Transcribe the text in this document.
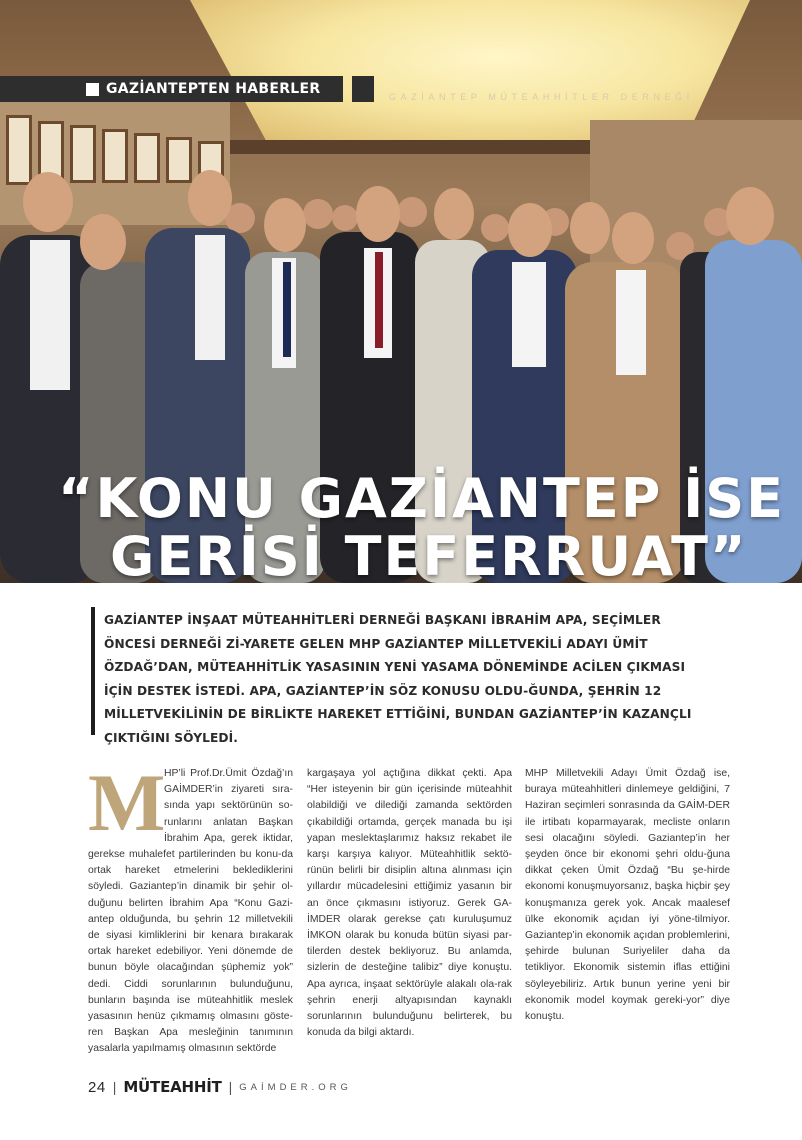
GAZİANTEPTEN HABERLER	GAZİANTEP MÜTEAHHİTLER DERNEĞİ
“KONU GAZİANTEP İSE

GERİSİ TEFERRUAT”

GAZİANTEP İNŞAAT MÜTEAHHİTLERİ DERNEĞİ BAŞKANI İBRAHİM APA, SEÇİMLER ÖNCESİ DERNEĞİ Zİ-YARETE GELEN MHP GAZİANTEP MİLLETVEKİLİ ADAYI ÜMİT ÖZDAĞ’DAN, MÜTEAHHİTLİK YASASININ YENİ YASAMA DÖNEMİNDE ACİLEN ÇIKMASI İÇİN DESTEK İSTEDİ. APA, GAZİANTEP’İN SÖZ KONUSU OLDU-ĞUNDA, ŞEHRİN 12 MİLLETVEKİLİNİN DE BİRLİKTE HAREKET ETTİĞİNİ, BUNDAN GAZİANTEP’İN KAZANÇLI ÇIKTIĞINI SÖYLEDİ.

M
HP’li Prof.Dr.Ümit Özdağ’ın GAİMDER’in ziyareti sıra-sında yapı sektörünün so-runlarını anlatan Başkan İbrahim Apa, gerek iktidar, gerekse muhalefet partilerinden bu konu-da ortak hareket etmelerini beklediklerini söyledi. Gaziantep’in dinamik bir şehir ol-duğunu belirten İbrahim Apa “Konu Gazi-antep olduğunda, bu şehrin 12 milletvekili de siyasi kimliklerini bir kenara bırakarak ortak hareket edebiliyor. Yeni dönemde de bunun böyle olacağından şüphemiz yok” dedi. Ciddi sorunlarının bulunduğunu, bunların başında ise müteahhitlik meslek yasasının henüz çıkmamış olmasını göste-ren Başkan Apa mesleğinin tanımının yasalarla yapılmamış olmasının sektörde
kargaşaya yol açtığına dikkat çekti. Apa “Her isteyenin bir gün içerisinde müteahhit olabildiği ve dilediği zamanda sektörden çıkabildiği ortamda, gerçek manada bu işi yapan meslektaşlarımız haksız rekabet ile karşı karşıya kalıyor. Müteahhitlik sektö-rünün belirli bir disiplin altına alınması için yıllardır mücadelesini ettiğimiz yasanın bir an önce çıkmasını istiyoruz. Gerek GA-İMDER olarak gerekse çatı kuruluşumuz İMKON olarak bu konuda bütün siyasi par-tilerden destek bekliyoruz. Bu anlamda, sizlerin de desteğine talibiz” diye konuştu. Apa ayrıca, inşaat sektörüyle alakalı ola-rak şehrin enerji altyapısından kaynaklı sorunlarının bulunduğunu belirterek, bu konuda da bilgi aktardı.
MHP Milletvekili Adayı Ümit Özdağ ise, buraya müteahhitleri dinlemeye geldiğini, 7 Haziran seçimleri sonrasında da GAİM-DER ile irtibatı koparmayarak, mecliste onların sesi olacağını söyledi. Gaziantep’in her şeyden önce bir ekonomi şehri oldu-ğuna dikkat çeken Ümit Özdağ “Bu şe-hirde ekonomi konuşmuyorsanız, başka hiçbir şey konuşmanıza gerek yok. Ancak maalesef ülke ekonomik açıdan iyi yöne-tilmiyor. Gaziantep’in ekonomik açıdan problemlerini, şehirde bulunan Suriyeliler daha da tetikliyor. Ekonomik sistemin iflas ettiğini söyleyebiliriz. Artık bunun yerine yeni bir ekonomik model koymak gereki-yor” diye konuştu.
24 | MÜTEAHHİT | GAİMDER.ORG
